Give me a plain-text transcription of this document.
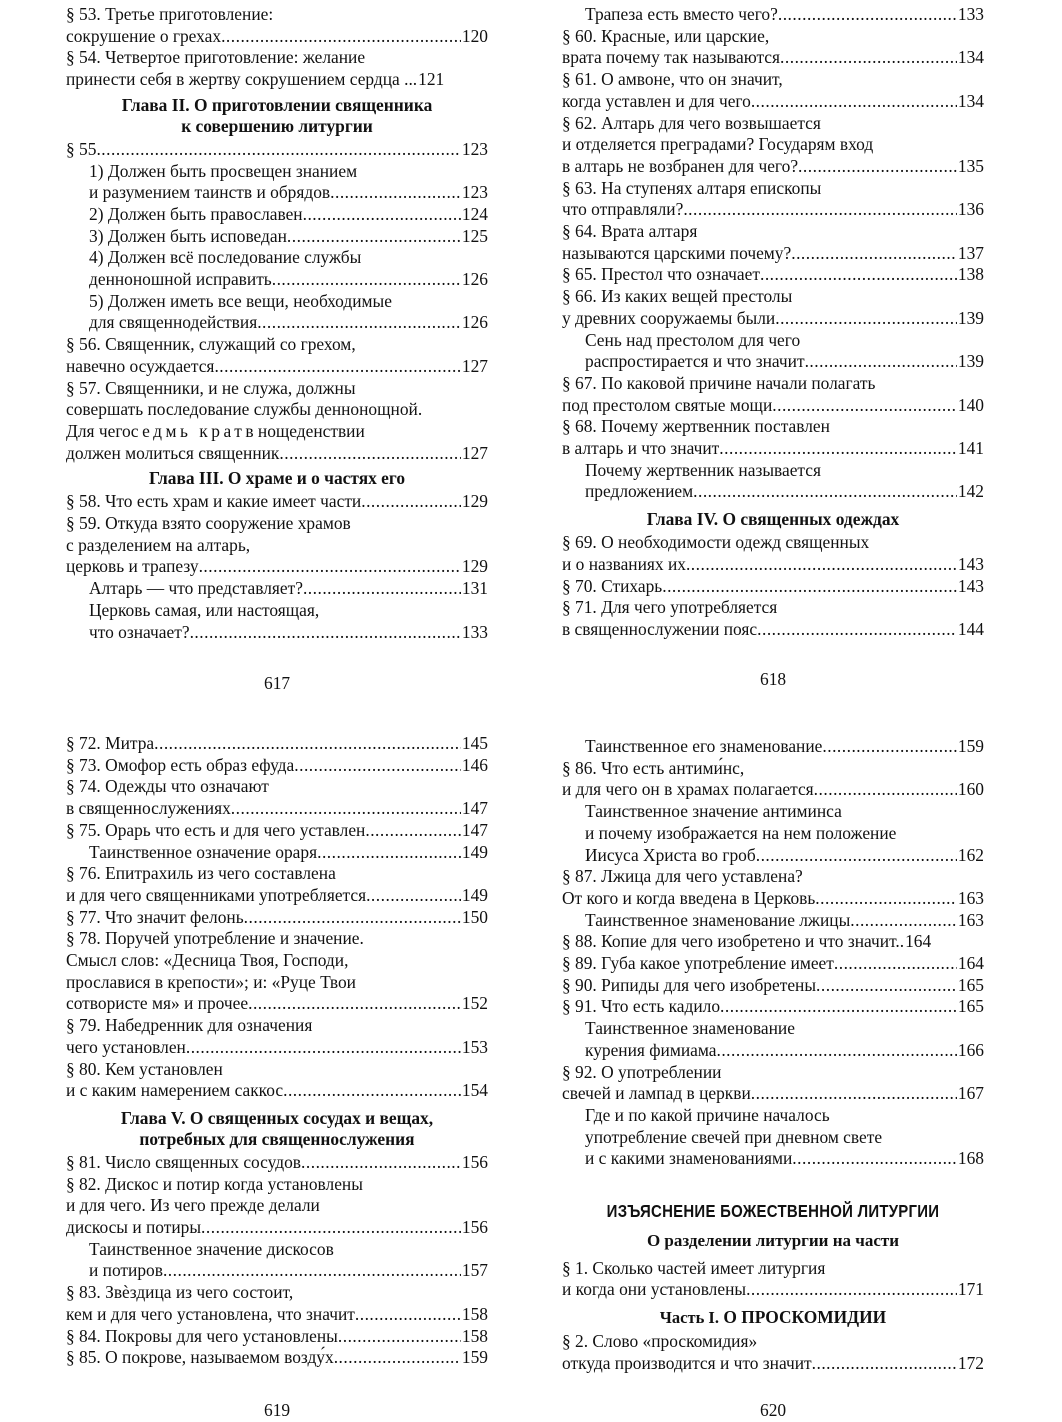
§ 53. Третье приготовление:
сокрушение о грехах .....	120
§ 54. Четвертое приготовление: желание
принести себя в жертву сокрушением сердца ... 121
Глава II. О приготовлении священника
к совершению литургии
§ 55 .....	123
1) Должен быть просвещен знанием
и разумением таинств и обрядов .....	123
2) Должен быть православен .....	124
3) Должен быть исповедан .....	125
4) Должен всё последование службы
денноношной исправить .....	126
5) Должен иметь все вещи, необходимые
для священнодействия .....	126
§ 56. Священник, служащий со грехом,
навечно осуждается .....	127
§ 57. Священники, и не служа, должны
совершать последование службы деннонощной.
Для чего седмь крат в нощеденствии
должен молиться священник .....	127
Глава III. О храме и о частях его
§ 58. Что есть храм и какие имеет части .....	129
§ 59. Откуда взято сооружение храмов
с разделением на алтарь,
церковь и трапезу .....	129
Алтарь — что представляет? .....	131
Церковь самая, или настоящая,
что означает? .....	133
617
Трапеза есть вместо чего? .....	133
§ 60. Красные, или царские,
врата почему так называются .....	134
§ 61. О амвоне, что он значит,
когда уставлен и для чего .....	134
§ 62. Алтарь для чего возвышается
и отделяется преградами? Государям вход
в алтарь не возбранен для чего? .....	135
§ 63. На ступенях алтаря епископы
что отправляли? .....	136
§ 64. Врата алтаря
называются царскими почему? .....	137
§ 65. Престол что означает .....	138
§ 66. Из каких вещей престолы
у древних сооружаемы были .....	139
Сень над престолом для чего
распростирается и что значит .....	139
§ 67. По каковой причине начали полагать
под престолом святые мощи .....	140
§ 68. Почему жертвенник поставлен
в алтарь и что значит .....	141
Почему жертвенник называется
предложением .....	142
Глава IV. О священных одеждах
§ 69. О необходимости одежд священных
и о названиях их .....	143
§ 70. Стихарь .....	143
§ 71. Для чего употребляется
в священнослужении пояс .....	144
618
§ 72. Митра .....	145
§ 73. Омофор есть образ ефуда .....	146
§ 74. Одежды что означают
в священнослужениях .....	147
§ 75. Орарь что есть и для чего уставлен .....	147
Таинственное означение ораря .....	149
§ 76. Епитрахиль из чего составлена
и для чего священниками употребляется .....	149
§ 77. Что значит фелонь .....	150
§ 78. Поручей употребление и значение.
Смысл слов: «Десница Твоя, Господи,
прославися в крепости»; и: «Руце Твои
сотвористе мя» и прочее .....	152
§ 79. Набедренник для означения
чего установлен .....	153
§ 80. Кем установлен
и с каким намерением саккос .....	154
Глава V. О священных сосудах и вещах,
потребных для священнослужения
§ 81. Число священных сосудов .....	156
§ 82. Дискос и потир когда установлены
и для чего. Из чего прежде делали
дискосы и потиры .....	156
Таинственное значение дискосов
и потиров .....	157
§ 83. Звѐздица из чего состоит,
кем и для чего установлена, что значит .....	158
§ 84. Покровы для чего установлены .....	158
§ 85. О покрове, называемом возду́х .....	159
619
Таинственное его знаменование .....	159
§ 86. Что есть антими́нс,
и для чего он в храмах полагается .....	160
Таинственное значение антиминса
и почему изображается на нем положение
Иисуса Христа во гроб .....	162
§ 87. Лжица для чего уставлена?
От кого и когда введена в Церковь .....	163
Таинственное знаменование лжицы .....	163
§ 88. Копие для чего изобретено и что значит.. 164
§ 89. Губа какое употребление имеет .....	164
§ 90. Рипиды для чего изобретены .....	165
§ 91. Что есть кадило .....	165
Таинственное знаменование
курения фимиама .....	166
§ 92. О употреблении
свечей и лампад в церкви .....	167
Где и по какой причине началось
употребление свечей при дневном свете
и с какими знаменованиями .....	168
ИЗЪЯСНЕНИЕ БОЖЕСТВЕННОЙ ЛИТУРГИИ
О разделении литургии на части
§ 1. Сколько частей имеет литургия
и когда они установлены .....	171
Часть I. О ПРОСКОМИДИИ
§ 2. Слово «проскомидия»
откуда производится и что значит .....	172
620
